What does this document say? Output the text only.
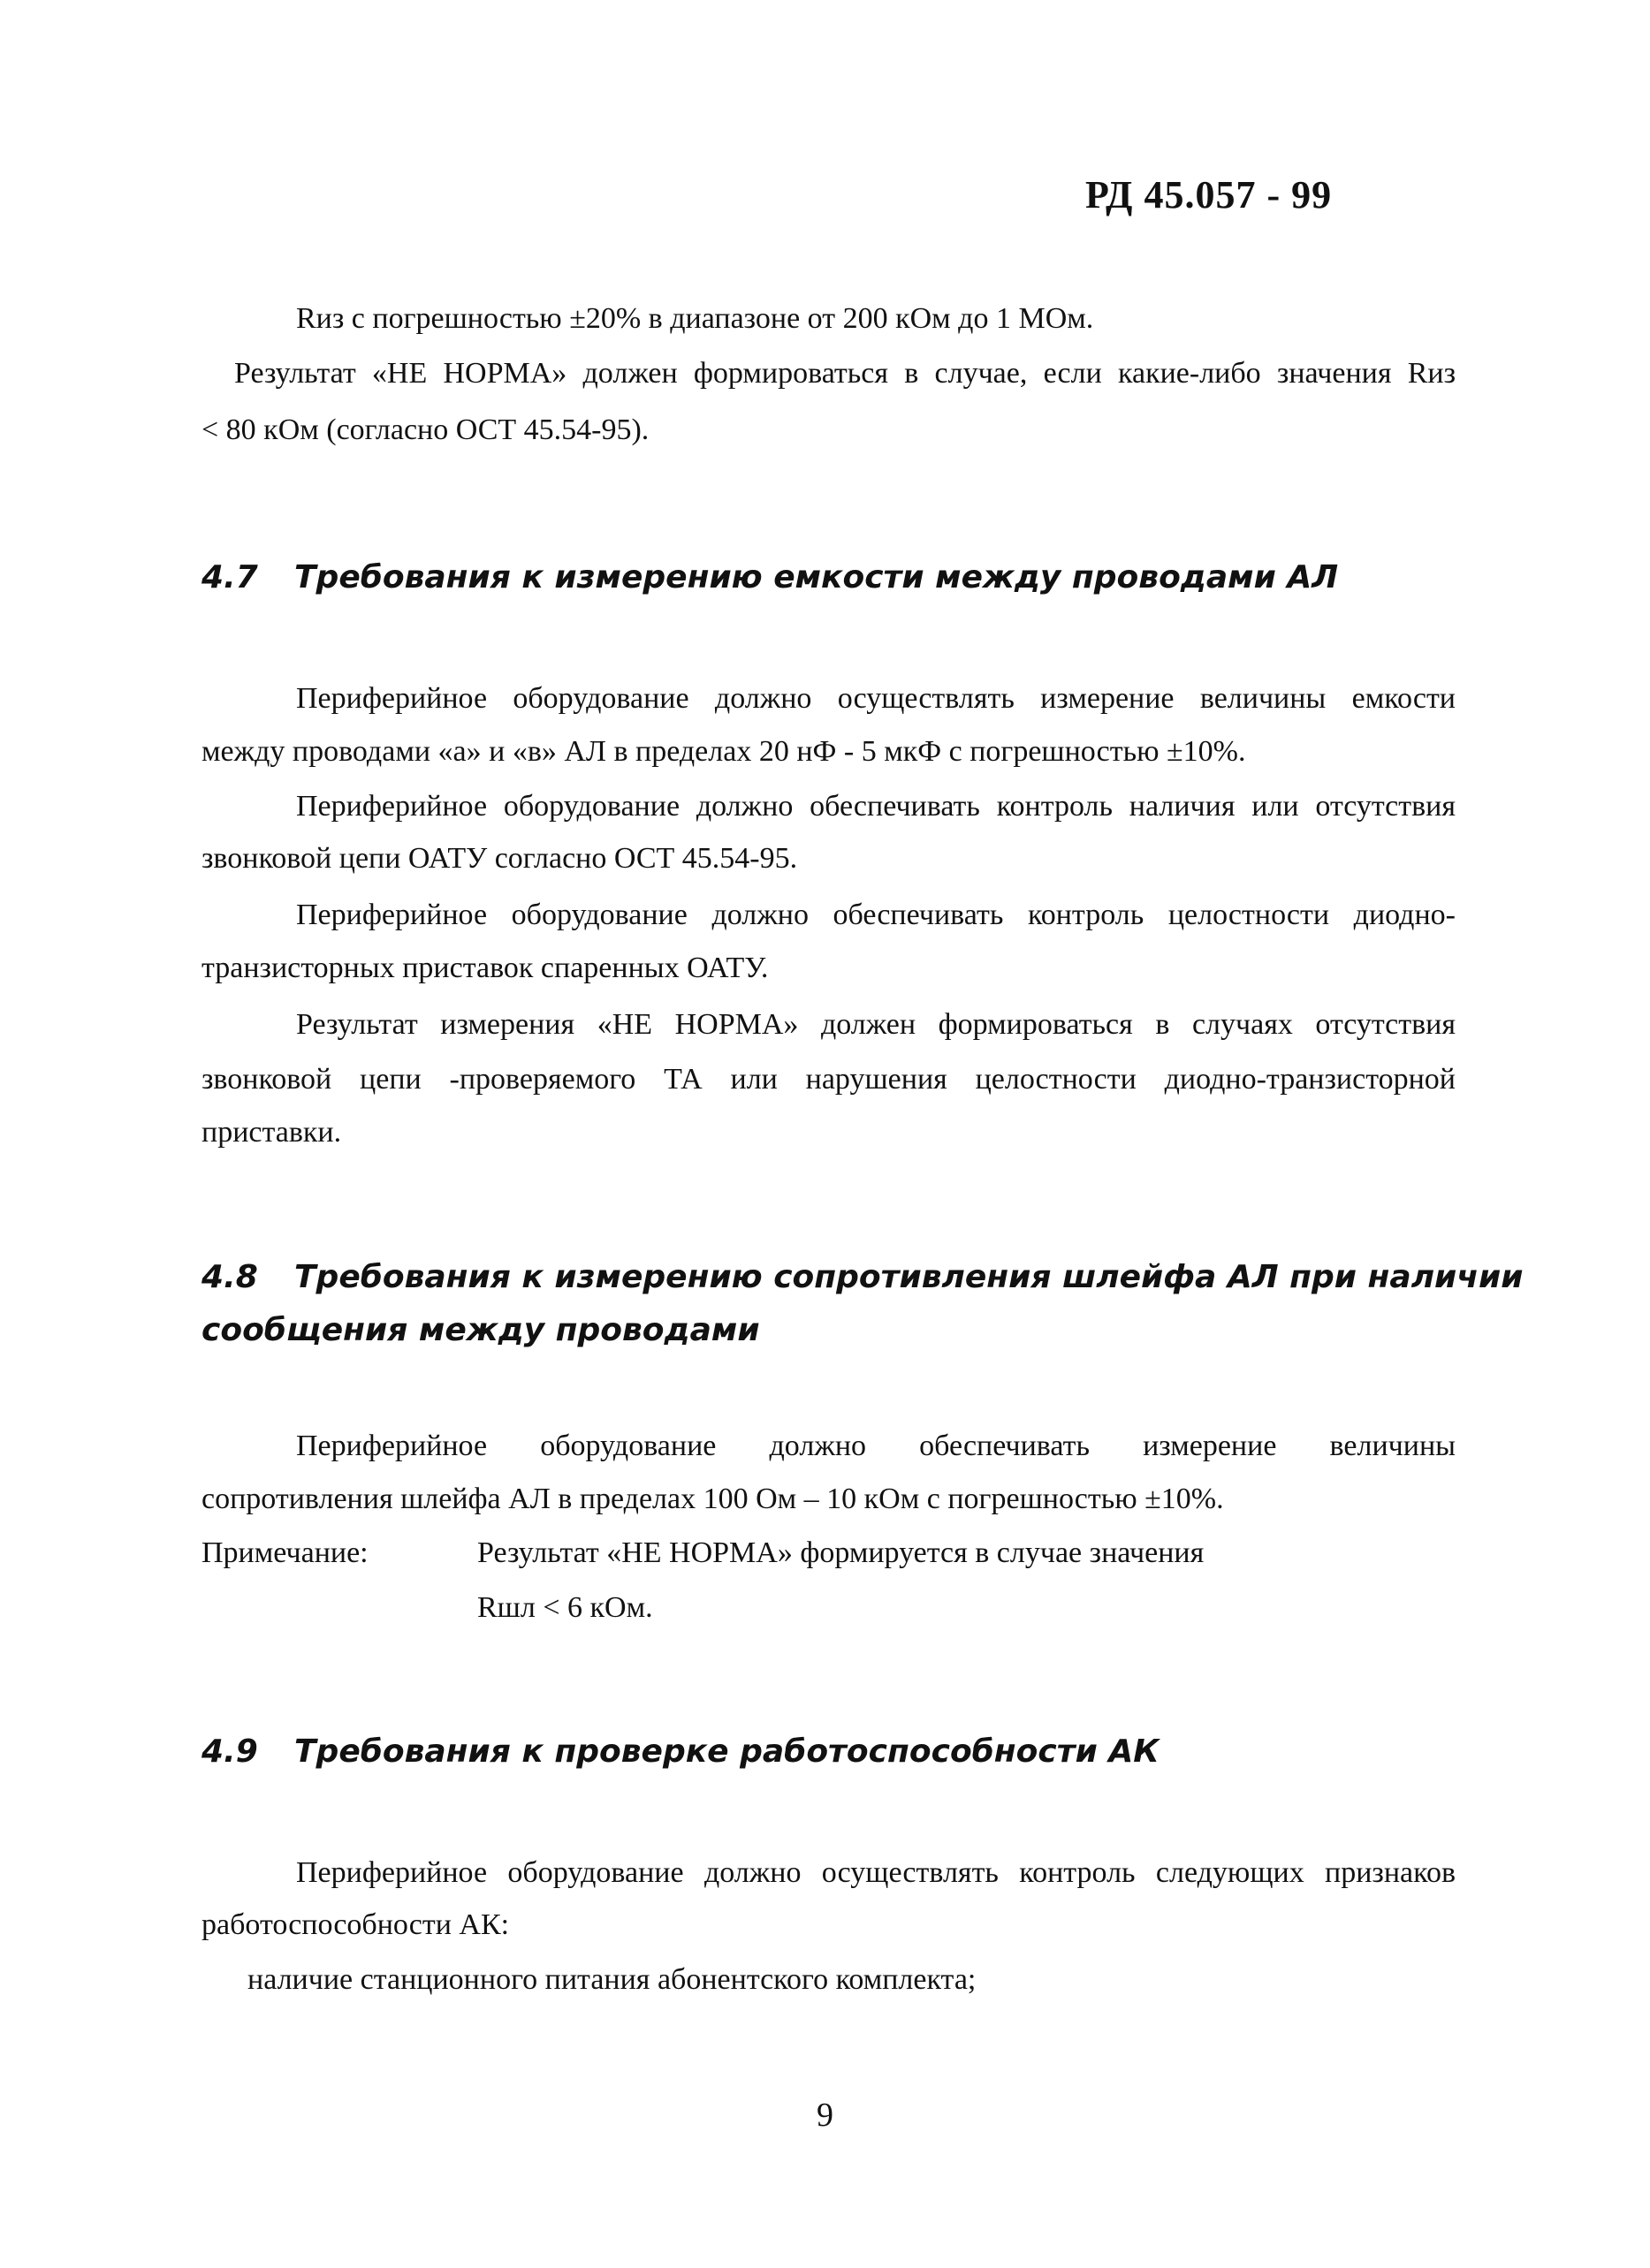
РД 45.057 - 99
Rиз с погрешностью ±20% в диапазоне от 200 кОм до 1 МОм.
Результат «НЕ НОРМА» должен формироваться в случае, если какие-либо значения Rиз
< 80 кОм (согласно ОСТ 45.54-95).
4.7 Требования к измерению емкости между проводами АЛ
Периферийное оборудование должно осуществлять измерение величины емкости
между проводами «а» и «в» АЛ в пределах 20 нФ - 5 мкФ с погрешностью ±10%.
Периферийное оборудование должно обеспечивать контроль наличия или отсутствия
звонковой цепи ОАТУ согласно ОСТ 45.54-95.
Периферийное оборудование должно обеспечивать контроль целостности диодно-
транзисторных приставок спаренных ОАТУ.
Результат измерения «НЕ НОРМА» должен формироваться в случаях отсутствия
звонковой цепи -проверяемого ТА или нарушения целостности диодно-транзисторной
приставки.
4.8 Требования к измерению сопротивления шлейфа АЛ при наличии
сообщения между проводами
Периферийное оборудование должно обеспечивать измерение величины
сопротивления шлейфа АЛ в пределах 100 Ом – 10 кОм с погрешностью ±10%.
Примечание:	Результат «НЕ НОРМА» формируется в случае значения
Rшл < 6 кОм.
4.9 Требования к проверке работоспособности АК
Периферийное оборудование должно осуществлять контроль следующих признаков
работоспособности АК:
наличие станционного питания абонентского комплекта;
9
